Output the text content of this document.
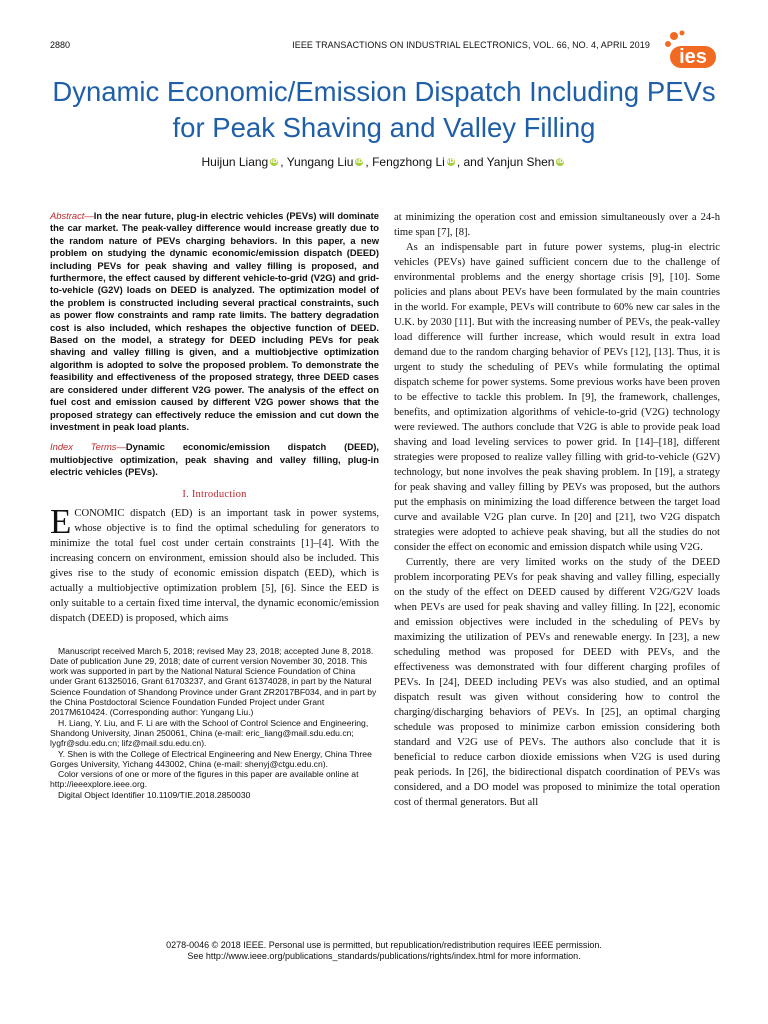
2880	IEEE TRANSACTIONS ON INDUSTRIAL ELECTRONICS, VOL. 66, NO. 4, APRIL 2019
ies
Dynamic Economic/Emission Dispatch Including PEVs for Peak Shaving and Valley Filling
Huijun Liang iD , Yungang Liu iD , Fengzhong Li iD , and Yanjun Shen iD

Abstract—In the near future, plug-in electric vehicles (PEVs) will dominate the car market. The peak-valley difference would increase greatly due to the random nature of PEVs charging behaviors. In this paper, a new problem on studying the dynamic economic/emission dispatch (DEED) including PEVs for peak shaving and valley filling is proposed, and furthermore, the effect caused by different vehicle-to-grid (V2G) and grid-to-vehicle (G2V) loads on DEED is analyzed. The optimization model of the problem is constructed including several practical constraints, such as power flow constraints and ramp rate limits. The battery degradation cost is also included, which reshapes the objective function of DEED. Based on the model, a strategy for DEED including PEVs for peak shaving and valley filling is given, and a multiobjective optimization algorithm is adopted to solve the proposed problem. To demonstrate the feasibility and effectiveness of the proposed strategy, three DEED cases are considered under different V2G power. The analysis of the effect on fuel cost and emission caused by different V2G power shows that the proposed strategy can effectively reduce the emission and cut down the investment in peak load plants.

Index Terms—Dynamic economic/emission dispatch (DEED), multiobjective optimization, peak shaving and valley filling, plug-in electric vehicles (PEVs).

I. Introduction

ECONOMIC dispatch (ED) is an important task in power systems, whose objective is to find the optimal scheduling for generators to minimize the total fuel cost under certain constraints [1]–[4]. With the increasing concern on environment, emission should also be included. This gives rise to the study of economic emission dispatch (EED), which is actually a multiobjective optimization problem [5], [6]. Since the EED is only suitable to a certain fixed time interval, the dynamic economic/emission dispatch (DEED) is proposed, which aims

Manuscript received March 5, 2018; revised May 23, 2018; accepted June 8, 2018. Date of publication June 29, 2018; date of current version November 30, 2018. This work was supported in part by the National Natural Science Foundation of China under Grant 61325016, Grant 61703237, and Grant 61374028, in part by the Natural Science Foundation of Shandong Province under Grant ZR2017BF034, and in part by the China Postdoctoral Science Foundation Funded Project under Grant 2017M610424. (Corresponding author: Yungang Liu.)

H. Liang, Y. Liu, and F. Li are with the School of Control Science and Engineering, Shandong University, Jinan 250061, China (e-mail: eric_liang@mail.sdu.edu.cn; lygfr@sdu.edu.cn; lifz@mail.sdu.edu.cn).

Y. Shen is with the College of Electrical Engineering and New Energy, China Three Gorges University, Yichang 443002, China (e-mail: shenyj@ctgu.edu.cn).

Color versions of one or more of the figures in this paper are available online at http://ieeexplore.ieee.org.

Digital Object Identifier 10.1109/TIE.2018.2850030

at minimizing the operation cost and emission simultaneously over a 24-h time span [7], [8].

As an indispensable part in future power systems, plug-in electric vehicles (PEVs) have gained sufficient concern due to the challenge of environmental problems and the energy shortage crisis [9], [10]. Some policies and plans about PEVs have been formulated by the main countries in the world. For example, PEVs will contribute to 60% new car sales in the U.K. by 2030 [11]. But with the increasing number of PEVs, the peak-valley load difference will further increase, which would result in extra load demand due to the random charging behavior of PEVs [12], [13]. Thus, it is urgent to study the scheduling of PEVs while formulating the optimal dispatch scheme for power systems. Some previous works have been proven to be effective to tackle this problem. In [9], the framework, challenges, benefits, and optimization algorithms of vehicle-to-grid (V2G) technology were reviewed. The authors conclude that V2G is able to provide peak load shaving and load leveling services to power grid. In [14]–[18], different strategies were proposed to realize valley filling with grid-to-vehicle (G2V) technology, but none involves the peak shaving problem. In [19], a strategy for peak shaving and valley filling by PEVs was proposed, but the authors put the emphasis on minimizing the load difference between the target load curve and available V2G plan curve. In [20] and [21], two V2G dispatch strategies were adopted to achieve peak shaving, but all the studies do not consider the effect on economic and emission dispatch while using V2G.

Currently, there are very limited works on the study of the DEED problem incorporating PEVs for peak shaving and valley filling, especially on the study of the effect on DEED caused by different V2G/G2V loads when PEVs are used for peak shaving and valley filling. In [22], economic and emission objectives were included in the scheduling of PEVs by maximizing the utilization of PEVs and renewable energy. In [23], a new scheduling method was proposed for DEED with PEVs, and the effectiveness was demonstrated with four different charging profiles of PEVs. In [24], DEED including PEVs was also studied, and an optimal dispatch result was given without considering how to control the charging/discharging behaviors of PEVs. In [25], an optimal charging schedule was proposed to minimize carbon emission considering both standard and V2G use of PEVs. The authors also conclude that it is beneficial to reduce carbon dioxide emissions when V2G is used during peak periods. In [26], the bidirectional dispatch coordination of PEVs was considered, and a DO model was proposed to minimize the total operation cost of thermal generators. But all

0278-0046 © 2018 IEEE. Personal use is permitted, but republication/redistribution requires IEEE permission.

See http://www.ieee.org/publications_standards/publications/rights/index.html for more information.
